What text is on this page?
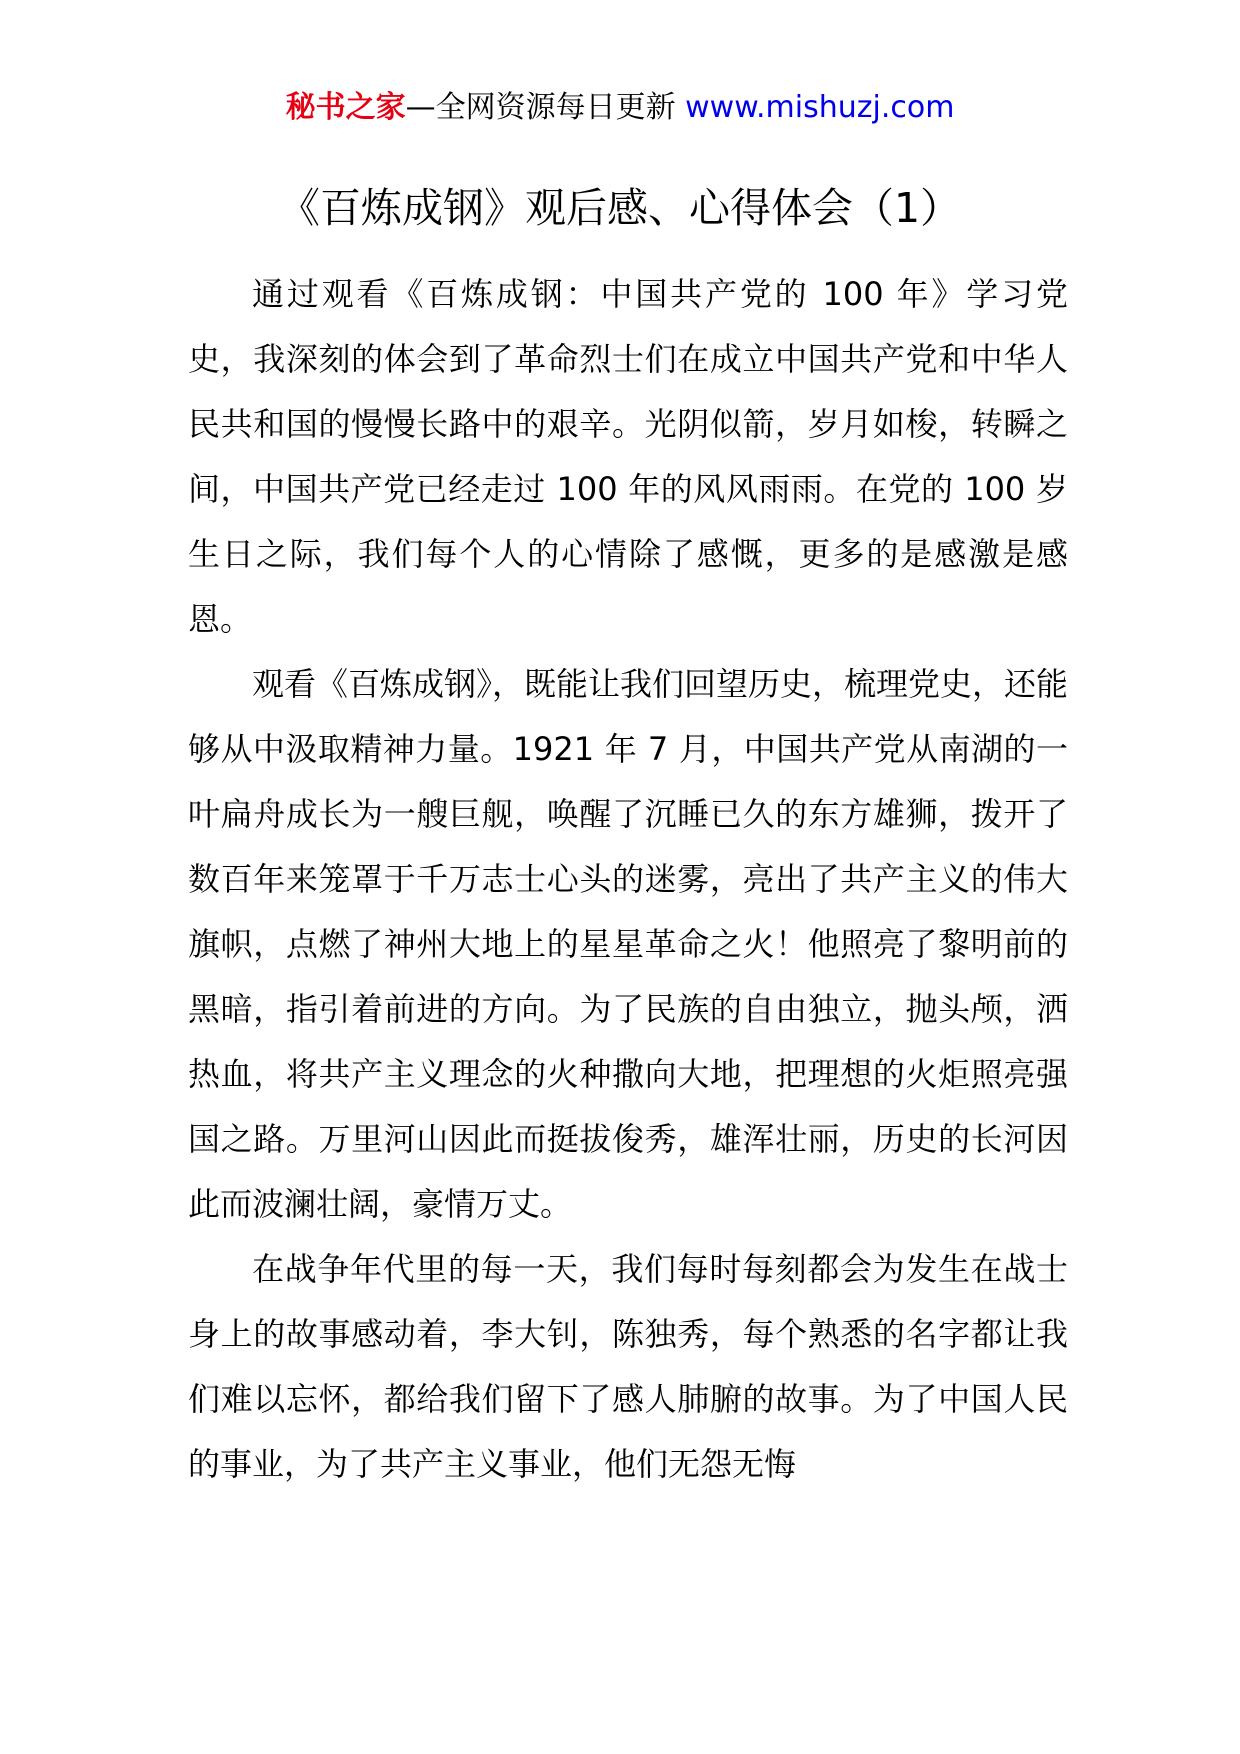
秘书之家—全网资源每日更新 www.mishuzj.com
《百炼成钢》观后感、心得体会（1）

通过观看《百炼成钢：中国共产党的 100 年》学习党史，我深刻的体会到了革命烈士们在成立中国共产党和中华人民共和国的慢慢长路中的艰辛。光阴似箭，岁月如梭，转瞬之间，中国共产党已经走过 100 年的风风雨雨。在党的 100 岁生日之际，我们每个人的心情除了感慨，更多的是感激是感恩。

观看《百炼成钢》，既能让我们回望历史，梳理党史，还能够从中汲取精神力量。1921 年 7 月，中国共产党从南湖的一叶扁舟成长为一艘巨舰，唤醒了沉睡已久的东方雄狮，拨开了数百年来笼罩于千万志士心头的迷雾，亮出了共产主义的伟大旗帜，点燃了神州大地上的星星革命之火！他照亮了黎明前的黑暗，指引着前进的方向。为了民族的自由独立，抛头颅，洒热血，将共产主义理念的火种撒向大地，把理想的火炬照亮强国之路。万里河山因此而挺拔俊秀，雄浑壮丽，历史的长河因此而波澜壮阔，豪情万丈。

在战争年代里的每一天，我们每时每刻都会为发生在战士身上的故事感动着，李大钊，陈独秀，每个熟悉的名字都让我们难以忘怀，都给我们留下了感人肺腑的故事。为了中国人民的事业，为了共产主义事业，他们无怨无悔
